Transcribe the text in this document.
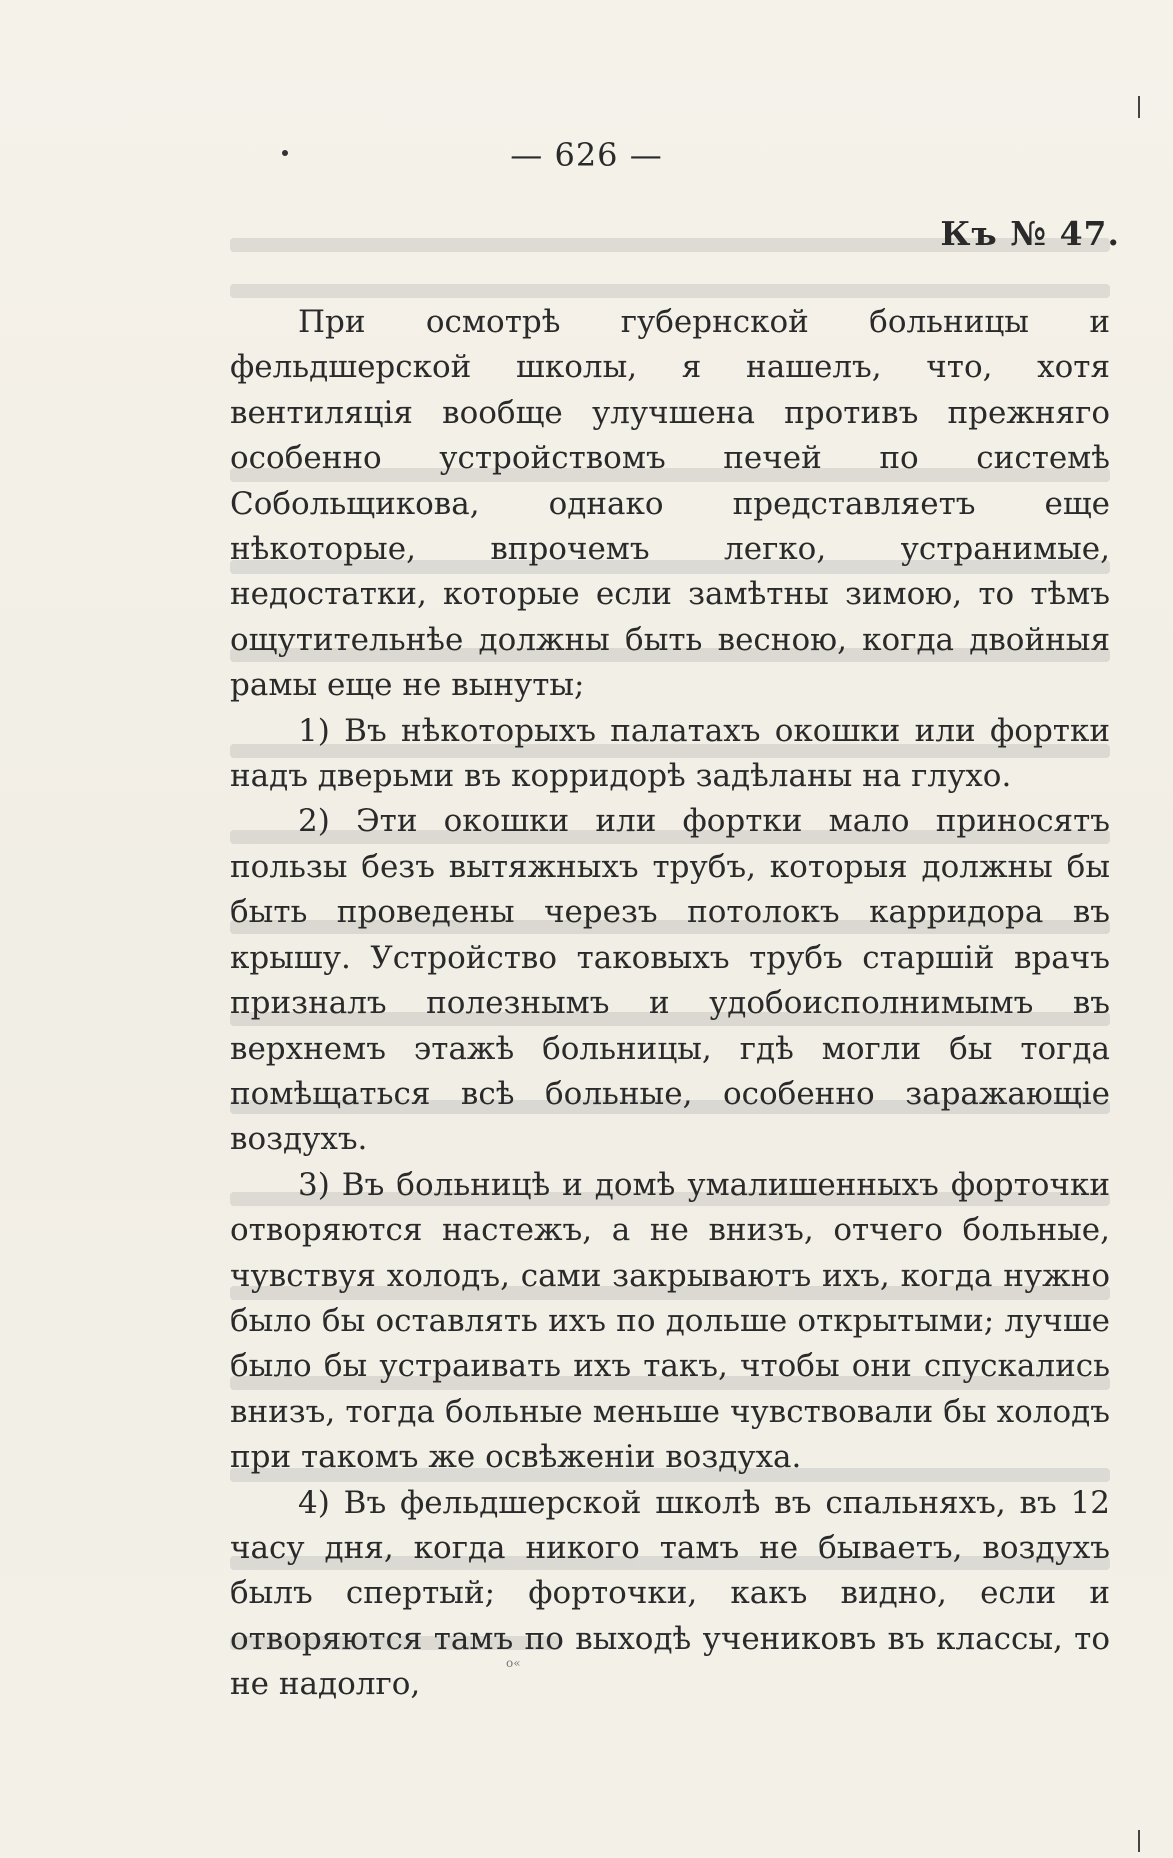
— 626 —
Къ № 47.

При осмотрѣ губернской больницы и фельдшерской школы, я нашелъ, что, хотя вентиляція вообще улучшена противъ прежняго особенно устройствомъ печей по системѣ Собольщикова, однако представляетъ еще нѣкоторые, впрочемъ легко, устранимые, недостатки, которые если замѣтны зимою, то тѣмъ ощутительнѣе должны быть весною, когда двойныя рамы еще не вынуты;

1) Въ нѣкоторыхъ палатахъ окошки или фортки надъ дверьми въ корридорѣ задѣланы на глухо.

2) Эти окошки или фортки мало приносятъ пользы безъ вытяжныхъ трубъ, которыя должны бы быть проведены черезъ потолокъ карридора въ крышу. Устройство таковыхъ трубъ старшій врачъ призналъ полезнымъ и удобоисполнимымъ въ верхнемъ этажѣ больницы, гдѣ могли бы тогда помѣщаться всѣ больные, особенно заражающіе воздухъ.

3) Въ больницѣ и домѣ умалишенныхъ форточки отворяются настежъ, а не внизъ, отчего больные, чувствуя холодъ, сами закрываютъ ихъ, когда нужно было бы оставлять ихъ по дольше открытыми; лучше было бы устраивать ихъ такъ, чтобы они спускались внизъ, тогда больные меньше чувствовали бы холодъ при такомъ же освѣженіи воздуха.

4) Въ фельдшерской школѣ въ спальняхъ, въ 12 часу дня, когда никого тамъ не бываетъ, воздухъ былъ спертый; форточки, какъ видно, если и отворяются тамъ по выходѣ учениковъ въ классы, то не надолго,

о«
